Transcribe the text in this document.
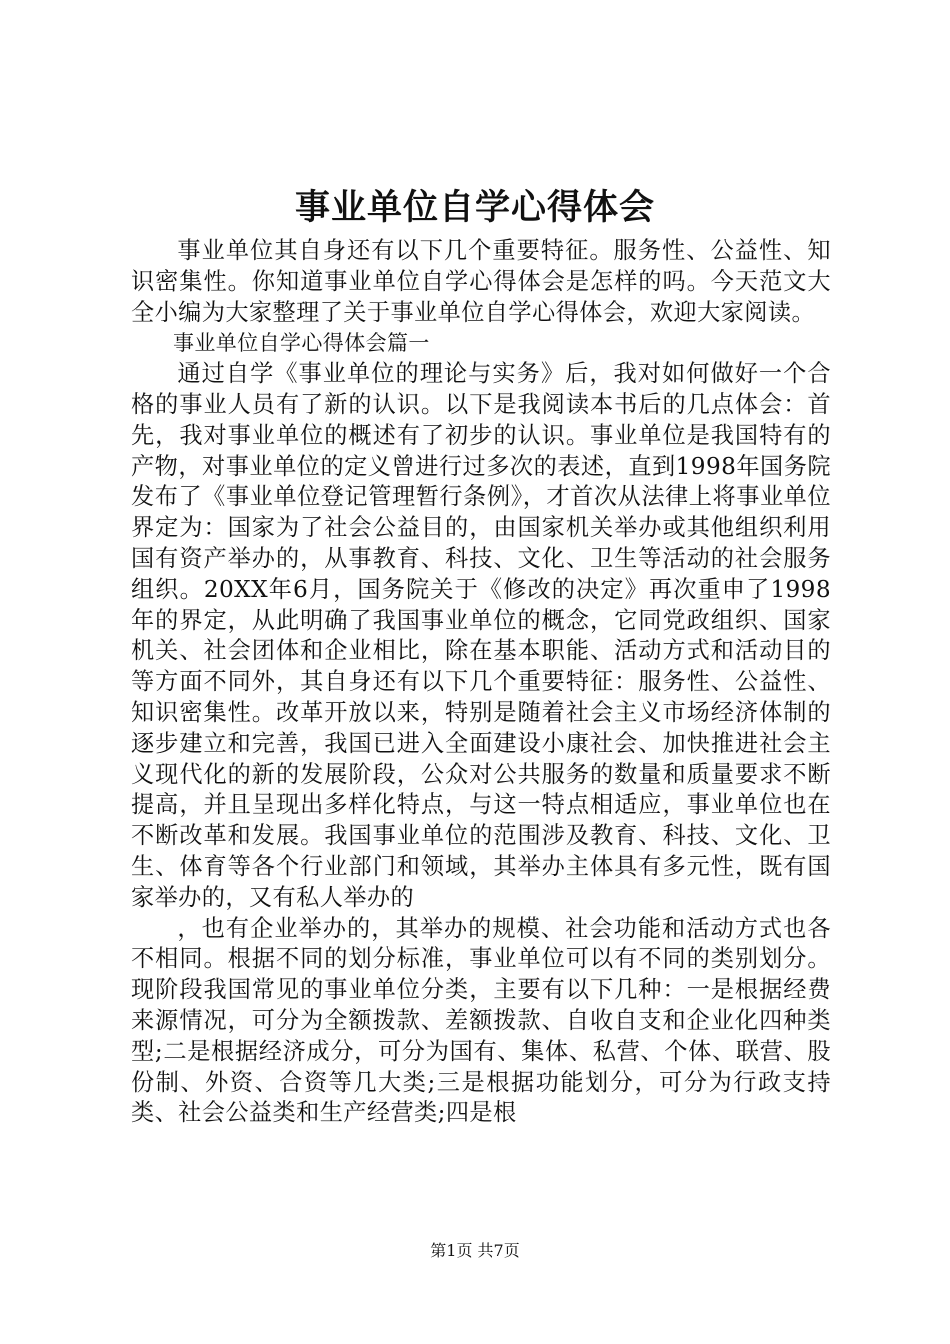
事业单位自学心得体会

事业单位其自身还有以下几个重要特征。服务性、公益性、知识密集性。你知道事业单位自学心得体会是怎样的吗。今天范文大全小编为大家整理了关于事业单位自学心得体会，欢迎大家阅读。

事业单位自学心得体会篇一

通过自学《事业单位的理论与实务》后，我对如何做好一个合格的事业人员有了新的认识。以下是我阅读本书后的几点体会：首先，我对事业单位的概述有了初步的认识。事业单位是我国特有的产物，对事业单位的定义曾进行过多次的表述，直到1998年国务院发布了《事业单位登记管理暂行条例》，才首次从法律上将事业单位界定为：国家为了社会公益目的，由国家机关举办或其他组织利用国有资产举办的，从事教育、科技、文化、卫生等活动的社会服务组织。20XX年6月，国务院关于《修改的决定》再次重申了1998年的界定，从此明确了我国事业单位的概念，它同党政组织、国家机关、社会团体和企业相比，除在基本职能、活动方式和活动目的等方面不同外，其自身还有以下几个重要特征：服务性、公益性、知识密集性。改革开放以来，特别是随着社会主义市场经济体制的逐步建立和完善，我国已进入全面建设小康社会、加快推进社会主义现代化的新的发展阶段，公众对公共服务的数量和质量要求不断提高，并且呈现出多样化特点，与这一特点相适应，事业单位也在不断改革和发展。我国事业单位的范围涉及教育、科技、文化、卫生、体育等各个行业部门和领域，其举办主体具有多元性，既有国家举办的，又有私人举办的

，也有企业举办的，其举办的规模、社会功能和活动方式也各不相同。根据不同的划分标准，事业单位可以有不同的类别划分。现阶段我国常见的事业单位分类，主要有以下几种：一是根据经费来源情况，可分为全额拨款、差额拨款、自收自支和企业化四种类型;二是根据经济成分，可分为国有、集体、私营、个体、联营、股份制、外资、合资等几大类;三是根据功能划分，可分为行政支持类、社会公益类和生产经营类;四是根

第1页 共7页
